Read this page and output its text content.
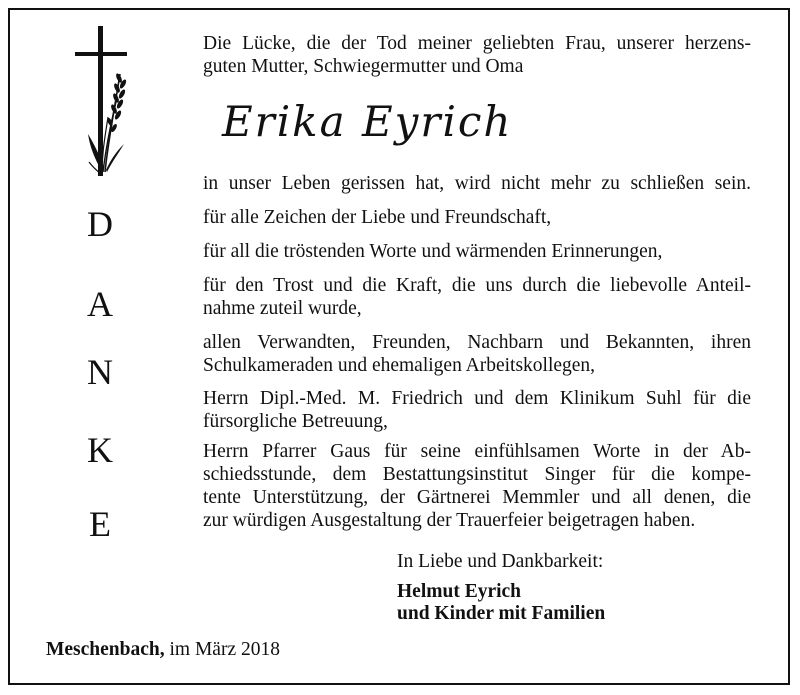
D
A
N
K
E
Die Lücke, die der Tod meiner geliebten Frau, unserer herzens-
guten Mutter, Schwiegermutter und Oma
Erika Eyrich
in unser Leben gerissen hat, wird nicht mehr zu schließen sein.
für alle Zeichen der Liebe und Freundschaft,
für all die tröstenden Worte und wärmenden Erinnerungen,
für den Trost und die Kraft, die uns durch die liebevolle Anteil-
nahme zuteil wurde,
allen Verwandten, Freunden, Nachbarn und Bekannten, ihren
Schulkameraden und ehemaligen Arbeitskollegen,
Herrn Dipl.-Med. M. Friedrich und dem Klinikum Suhl für die
fürsorgliche Betreuung,
Herrn Pfarrer Gaus für seine einfühlsamen Worte in der Ab-
schiedsstunde, dem Bestattungsinstitut Singer für die kompe-
tente Unterstützung, der Gärtnerei Memmler und all denen, die
zur würdigen Ausgestaltung der Trauerfeier beigetragen haben.
In Liebe und Dankbarkeit:
Helmut Eyrich
und Kinder mit Familien
Meschenbach, im März 2018
